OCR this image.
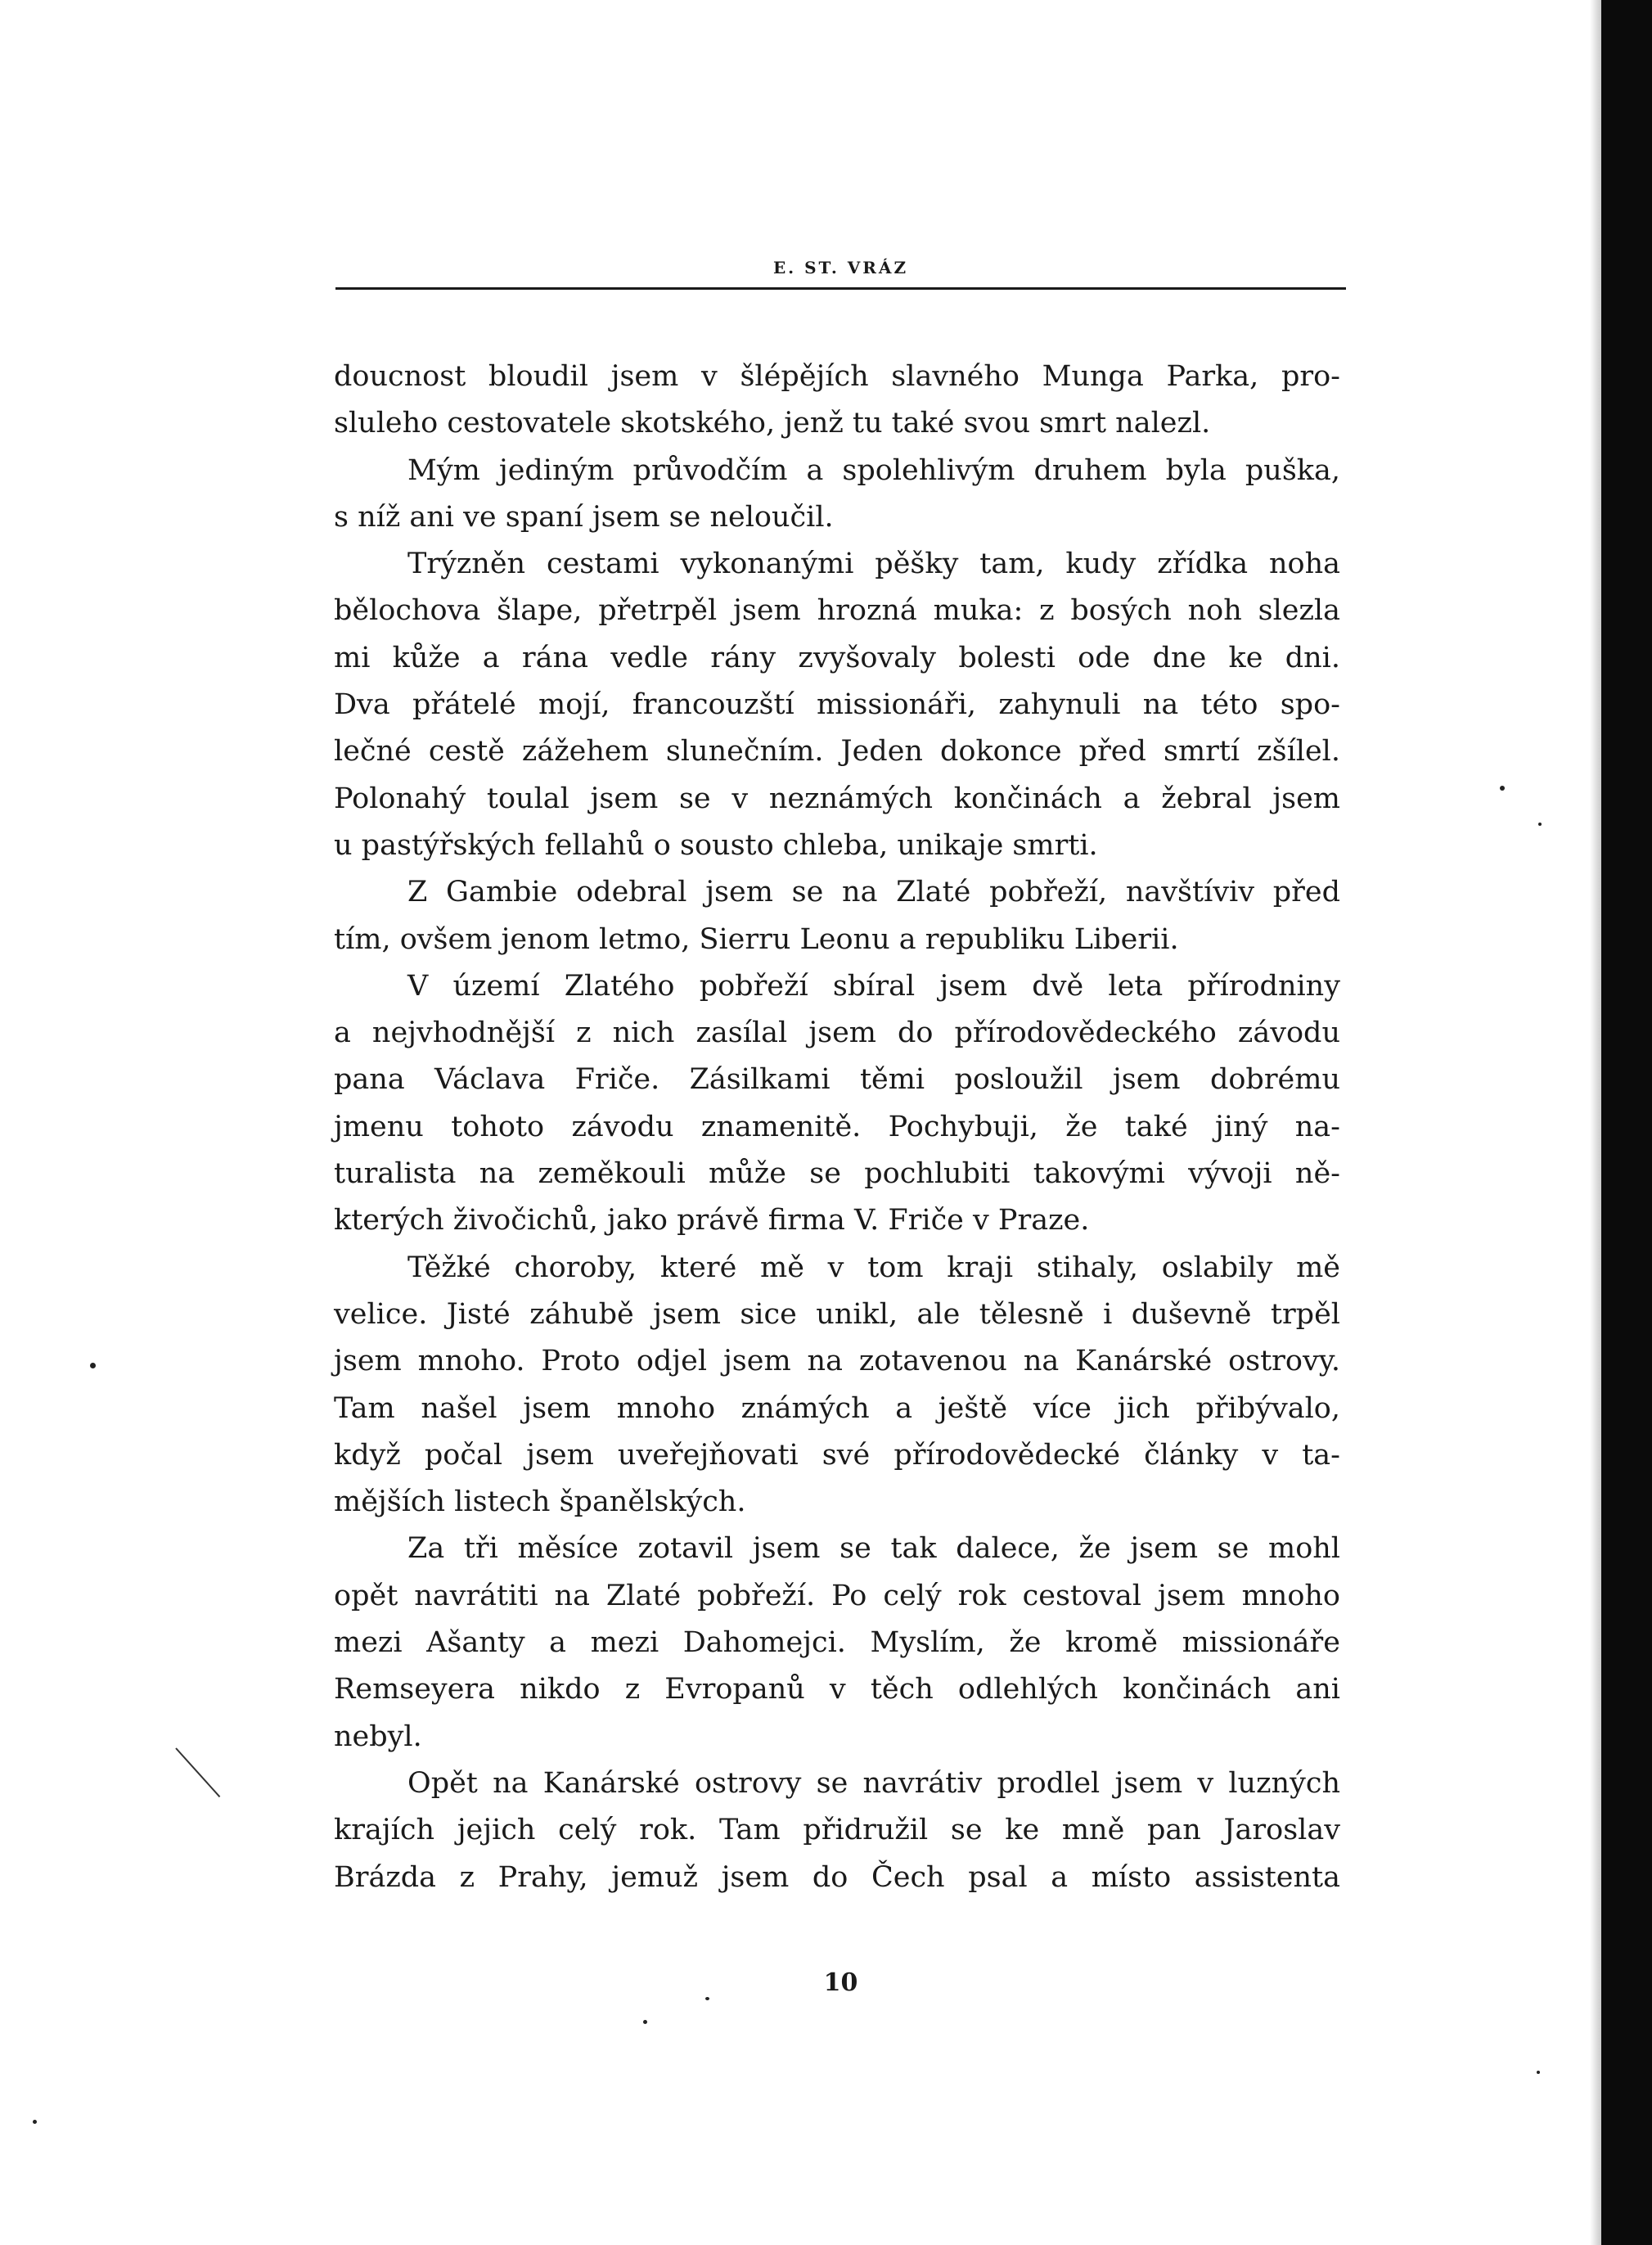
E. ST. VRÁZ
doucnost bloudil jsem v šlépějích slavného Munga Parka, pro-
sluleho cestovatele skotského, jenž tu také svou smrt nalezl.
Mým jediným průvodčím a spolehlivým druhem byla puška,
s níž ani ve spaní jsem se neloučil.
Trýzněn cestami vykonanými pěšky tam, kudy zřídka noha
bělochova šlape, přetrpěl jsem hrozná muka: z bosých noh slezla
mi kůže a rána vedle rány zvyšovaly bolesti ode dne ke dni.
Dva přátelé mojí, francouzští missionáři, zahynuli na této spo-
lečné cestě zážehem slunečním. Jeden dokonce před smrtí zšílel.
Polonahý toulal jsem se v neznámých končinách a žebral jsem
u pastýřských fellahů o sousto chleba, unikaje smrti.
Z Gambie odebral jsem se na Zlaté pobřeží, navštíviv před
tím, ovšem jenom letmo, Sierru Leonu a republiku Liberii.
V území Zlatého pobřeží sbíral jsem dvě leta přírodniny
a nejvhodnější z nich zasílal jsem do přírodovědeckého závodu
pana Václava Friče. Zásilkami těmi posloužil jsem dobrému
jmenu tohoto závodu znamenitě. Pochybuji, že také jiný na-
turalista na zeměkouli může se pochlubiti takovými vývoji ně-
kterých živočichů, jako právě firma V. Friče v Praze.
Těžké choroby, které mě v tom kraji stihaly, oslabily mě
velice. Jisté záhubě jsem sice unikl, ale tělesně i duševně trpěl
jsem mnoho. Proto odjel jsem na zotavenou na Kanárské ostrovy.
Tam našel jsem mnoho známých a ještě více jich přibývalo,
když počal jsem uveřejňovati své přírodovědecké články v ta-
mějších listech španělských.
Za tři měsíce zotavil jsem se tak dalece, že jsem se mohl
opět navrátiti na Zlaté pobřeží. Po celý rok cestoval jsem mnoho
mezi Ašanty a mezi Dahomejci. Myslím, že kromě missionáře
Remseyera nikdo z Evropanů v těch odlehlých končinách ani
nebyl.
Opět na Kanárské ostrovy se navrátiv prodlel jsem v luzných
krajích jejich celý rok. Tam přidružil se ke mně pan Jaroslav
Brázda z Prahy, jemuž jsem do Čech psal a místo assistenta
10
